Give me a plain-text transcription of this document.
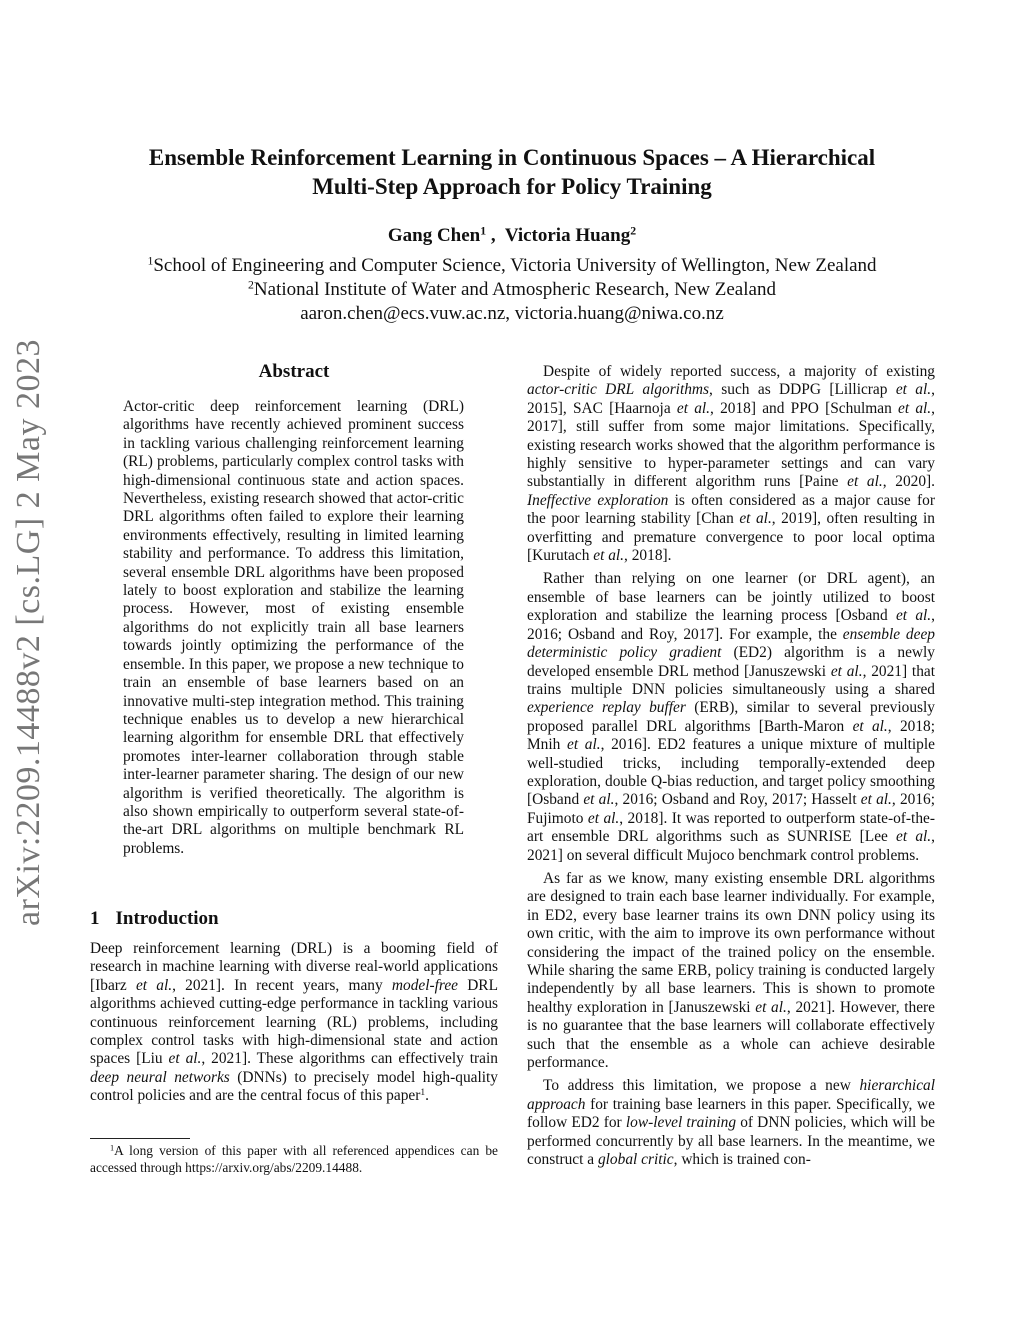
arXiv:2209.14488v2 [cs.LG] 2 May 2023
Ensemble Reinforcement Learning in Continuous Spaces – A Hierarchical
Multi-Step Approach for Policy Training
Gang Chen$^1$ ,  Victoria Huang$^2$
$^1$School of Engineering and Computer Science, Victoria University of Wellington, New Zealand
$^2$National Institute of Water and Atmospheric Research, New Zealand
aaron.chen@ecs.vuw.ac.nz, victoria.huang@niwa.co.nz
Abstract

Actor-critic deep reinforcement learning (DRL) algorithms have recently achieved prominent success in tackling various challenging reinforcement learning (RL) problems, particularly complex control tasks with high-dimensional continuous state and action spaces. Nevertheless, existing research showed that actor-critic DRL algorithms often failed to explore their learning environments effectively, resulting in limited learning stability and performance. To address this limitation, several ensemble DRL algorithms have been proposed lately to boost exploration and stabilize the learning process. However, most of existing ensemble algorithms do not explicitly train all base learners towards jointly optimizing the performance of the ensemble. In this paper, we propose a new technique to train an ensemble of base learners based on an innovative multi-step integration method. This training technique enables us to develop a new hierarchical learning algorithm for ensemble DRL that effectively promotes inter-learner collaboration through stable inter-learner parameter sharing. The design of our new algorithm is verified theoretically. The algorithm is also shown empirically to outperform several state-of-the-art DRL algorithms on multiple benchmark RL problems.

1 Introduction

Deep reinforcement learning (DRL) is a booming field of research in machine learning with diverse real-world applications [Ibarz et al., 2021]. In recent years, many model-free DRL algorithms achieved cutting-edge performance in tackling various continuous reinforcement learning (RL) problems, including complex control tasks with high-dimensional state and action spaces [Liu et al., 2021]. These algorithms can effectively train deep neural networks (DNNs) to precisely model high-quality control policies and are the central focus of this paper$^1$.

$^1$A long version of this paper with all referenced appendices can be accessed through https://arxiv.org/abs/2209.14488.

Despite of widely reported success, a majority of existing actor-critic DRL algorithms, such as DDPG [Lillicrap et al., 2015], SAC [Haarnoja et al., 2018] and PPO [Schulman et al., 2017], still suffer from some major limitations. Specifically, existing research works showed that the algorithm performance is highly sensitive to hyper-parameter settings and can vary substantially in different algorithm runs [Paine et al., 2020]. Ineffective exploration is often considered as a major cause for the poor learning stability [Chan et al., 2019], often resulting in overfitting and premature convergence to poor local optima [Kurutach et al., 2018].

Rather than relying on one learner (or DRL agent), an ensemble of base learners can be jointly utilized to boost exploration and stabilize the learning process [Osband et al., 2016; Osband and Roy, 2017]. For example, the ensemble deep deterministic policy gradient (ED2) algorithm is a newly developed ensemble DRL method [Januszewski et al., 2021] that trains multiple DNN policies simultaneously using a shared experience replay buffer (ERB), similar to several previously proposed parallel DRL algorithms [Barth-Maron et al., 2018; Mnih et al., 2016]. ED2 features a unique mixture of multiple well-studied tricks, including temporally-extended deep exploration, double Q-bias reduction, and target policy smoothing [Osband et al., 2016; Osband and Roy, 2017; Hasselt et al., 2016; Fujimoto et al., 2018]. It was reported to outperform state-of-the-art ensemble DRL algorithms such as SUNRISE [Lee et al., 2021] on several difficult Mujoco benchmark control problems.

As far as we know, many existing ensemble DRL algorithms are designed to train each base learner individually. For example, in ED2, every base learner trains its own DNN policy using its own critic, with the aim to improve its own performance without considering the impact of the trained policy on the ensemble. While sharing the same ERB, policy training is conducted largely independently by all base learners. This is shown to promote healthy exploration in [Januszewski et al., 2021]. However, there is no guarantee that the base learners will collaborate effectively such that the ensemble as a whole can achieve desirable performance.

To address this limitation, we propose a new hierarchical approach for training base learners in this paper. Specifically, we follow ED2 for low-level training of DNN policies, which will be performed concurrently by all base learners. In the meantime, we construct a global critic, which is trained con-
